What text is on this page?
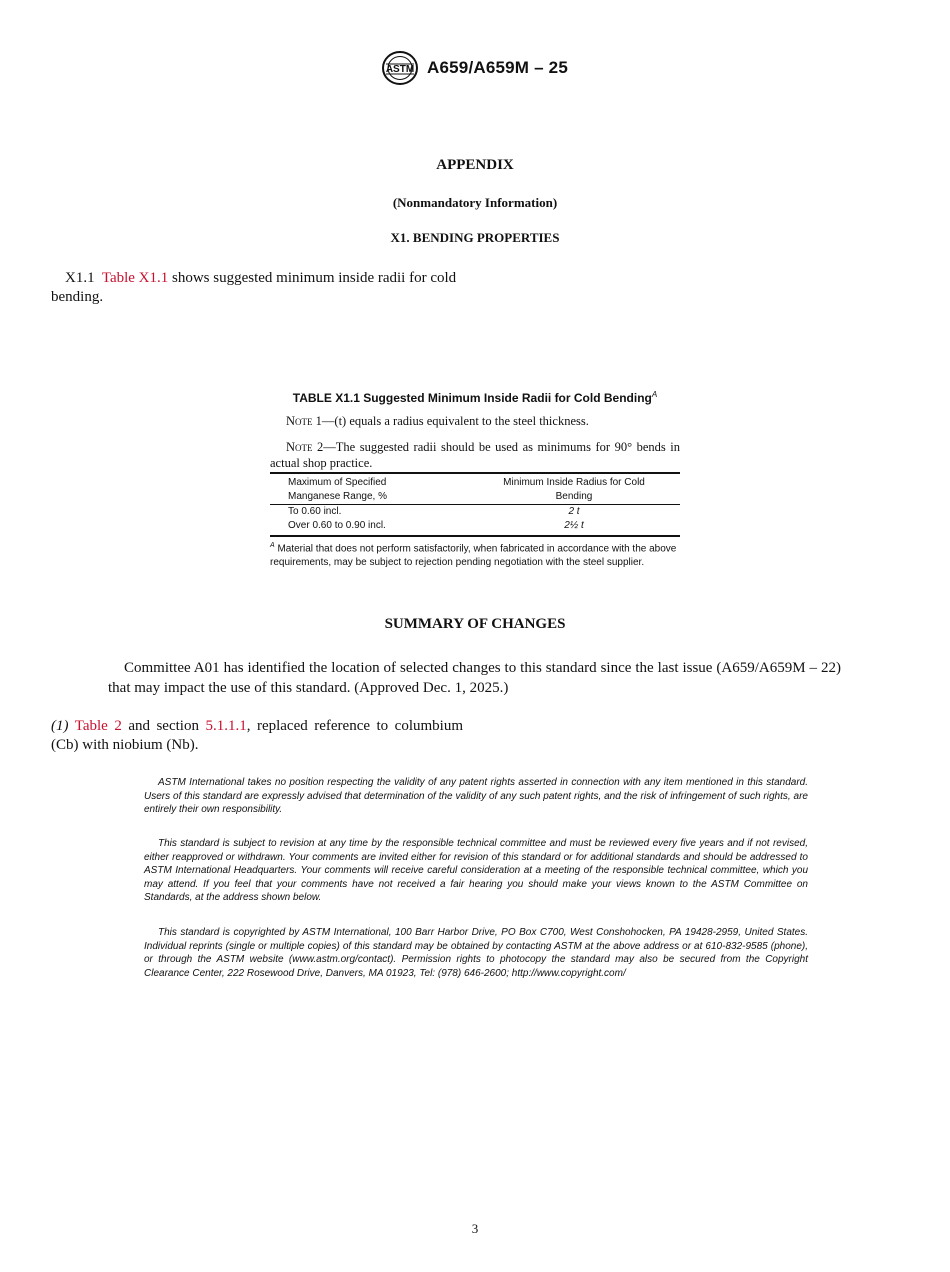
ASTM A659/A659M – 25
APPENDIX
(Nonmandatory Information)
X1. BENDING PROPERTIES
X1.1 Table X1.1 shows suggested minimum inside radii for cold bending.
TABLE X1.1 Suggested Minimum Inside Radii for Cold Bending$^A$
Note 1—(t) equals a radius equivalent to the steel thickness.
Note 2—The suggested radii should be used as minimums for 90° bends in actual shop practice.
Maximum of Specified	Minimum Inside Radius for Cold
Manganese Range, %	Bending
To 0.60 incl.	2 t
Over 0.60 to 0.90 incl.	2½ t
$^A$ Material that does not perform satisfactorily, when fabricated in accordance with the above requirements, may be subject to rejection pending negotiation with the steel supplier.
SUMMARY OF CHANGES
Committee A01 has identified the location of selected changes to this standard since the last issue (A659/A659M – 22) that may impact the use of this standard. (Approved Dec. 1, 2025.)
(1) Table 2 and section 5.1.1.1, replaced reference to columbium (Cb) with niobium (Nb).
ASTM International takes no position respecting the validity of any patent rights asserted in connection with any item mentioned in this standard. Users of this standard are expressly advised that determination of the validity of any such patent rights, and the risk of infringement of such rights, are entirely their own responsibility.
This standard is subject to revision at any time by the responsible technical committee and must be reviewed every five years and if not revised, either reapproved or withdrawn. Your comments are invited either for revision of this standard or for additional standards and should be addressed to ASTM International Headquarters. Your comments will receive careful consideration at a meeting of the responsible technical committee, which you may attend. If you feel that your comments have not received a fair hearing you should make your views known to the ASTM Committee on Standards, at the address shown below.
This standard is copyrighted by ASTM International, 100 Barr Harbor Drive, PO Box C700, West Conshohocken, PA 19428-2959, United States. Individual reprints (single or multiple copies) of this standard may be obtained by contacting ASTM at the above address or at 610-832-9585 (phone), or through the ASTM website (www.astm.org/contact). Permission rights to photocopy the standard may also be secured from the Copyright Clearance Center, 222 Rosewood Drive, Danvers, MA 01923, Tel: (978) 646-2600; http://www.copyright.com/
3
